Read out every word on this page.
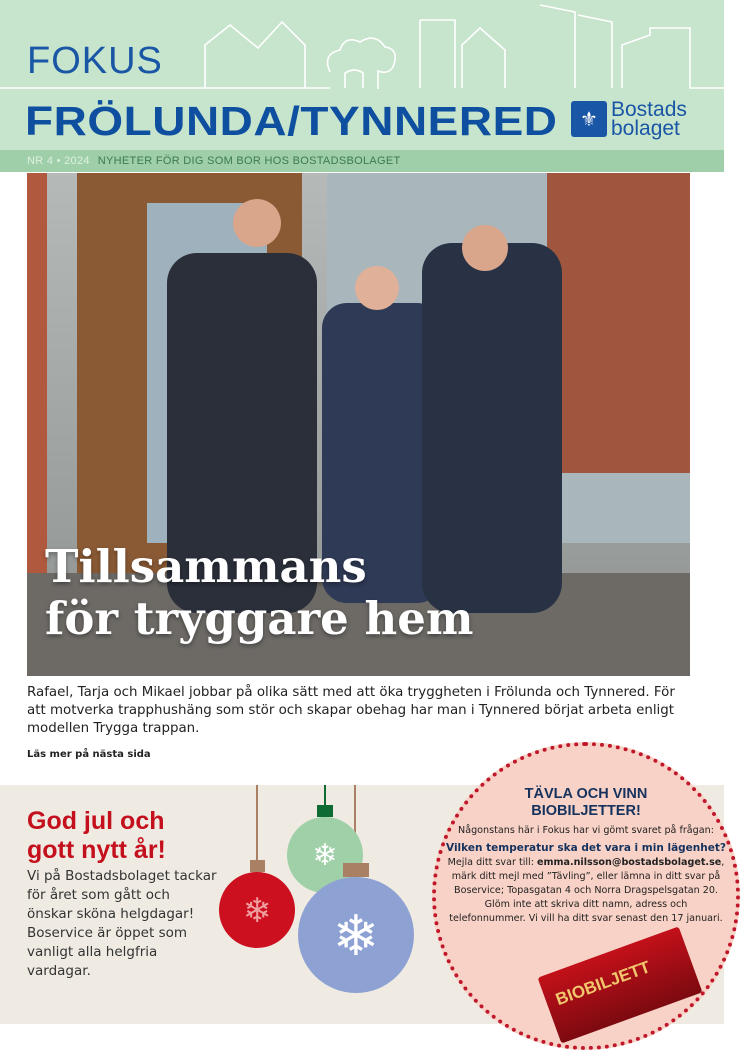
FOKUS
FRÖLUNDA/TYNNERED	⚜ Bostads
bolaget
NR 4 • 2024 NYHETER FÖR DIG SOM BOR HOS BOSTADSBOLAGET
Tillsammans
för tryggare hem
Rafael, Tarja och Mikael jobbar på olika sätt med att öka tryggheten i Frölunda och Tynnered. För att motverka trapphushäng som stör och skapar obehag har man i Tynnered börjat arbeta enligt modellen Trygga trappan.
Läs mer på nästa sida
God jul och
gott nytt år!

Vi på Bostadsbolaget tackar för året som gått och önskar sköna helgdagar! Boservice är öppet som vanligt alla helgfria vardagar.

❄
❄ ❄
TÄVLA OCH VINN
BIOBILJETTER!
Någonstans här i Fokus har vi gömt svaret på frågan:
Vilken temperatur ska det vara i min lägenhet?
Mejla ditt svar till: emma.nilsson@bostadsbolaget.se, märk ditt mejl med ”Tävling”, eller lämna in ditt svar på Boservice; Topasgatan 4 och Norra Dragspelsgatan 20. Glöm inte att skriva ditt namn, adress och telefonnummer. Vi vill ha ditt svar senast den 17 januari.
BIOBILJETT
